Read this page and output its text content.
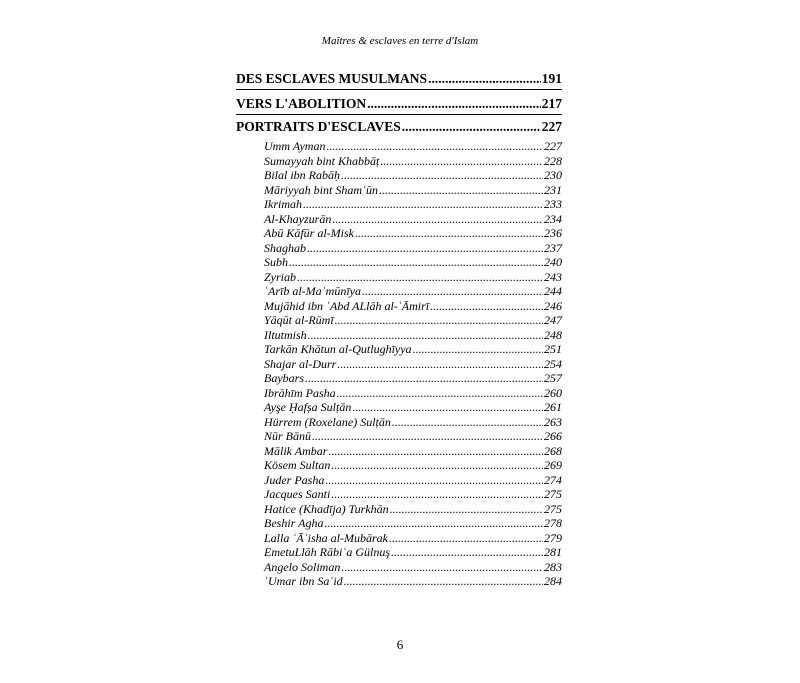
Maîtres & esclaves en terre d'Islam
DES ESCLAVES MUSULMANS .....	191
VERS L'ABOLITION .....	217
PORTRAITS D'ESCLAVES .....	227
Umm Ayman .....	227
Sumayyah bint Khabbāṭ .....	228
Bilal ibn Rabāḥ .....	230
Māriyyah bint Shamʿūn .....	231
Ikrimah .....	233
Al-Khayzurān .....	234
Abū Kāfūr al-Misk .....	236
Shaghab .....	237
Subh .....	240
Zyriab .....	243
ʿArīb al-Maʾmūnīya .....	244
Mujāhid ibn ʿAbd ALlāh al-ʿĀmirī .....	246
Yāqūt al-Rūmī .....	247
Iltutmish .....	248
Tarkān Khātun al-Qutlughīyya .....	251
Shajar al-Durr .....	254
Baybars .....	257
Ibrāhīm Pasha .....	260
Ayşe Ḥafṣa Sulṭān .....	261
Hürrem (Roxelane) Sulṭān .....	263
Nūr Bānū .....	266
Mālik Ambar .....	268
Kösem Sultan .....	269
Juder Pasha .....	274
Jacques Santi .....	275
Hatice (Khadīja) Turkhān .....	275
Beshir Agha .....	278
Lalla ʿĀʾisha al-Mubārak .....	279
EmetuLlāh Rābiʿa Gülnuş .....	281
Angelo Soliman .....	283
ʿUmar ibn Saʿid .....	284
6
